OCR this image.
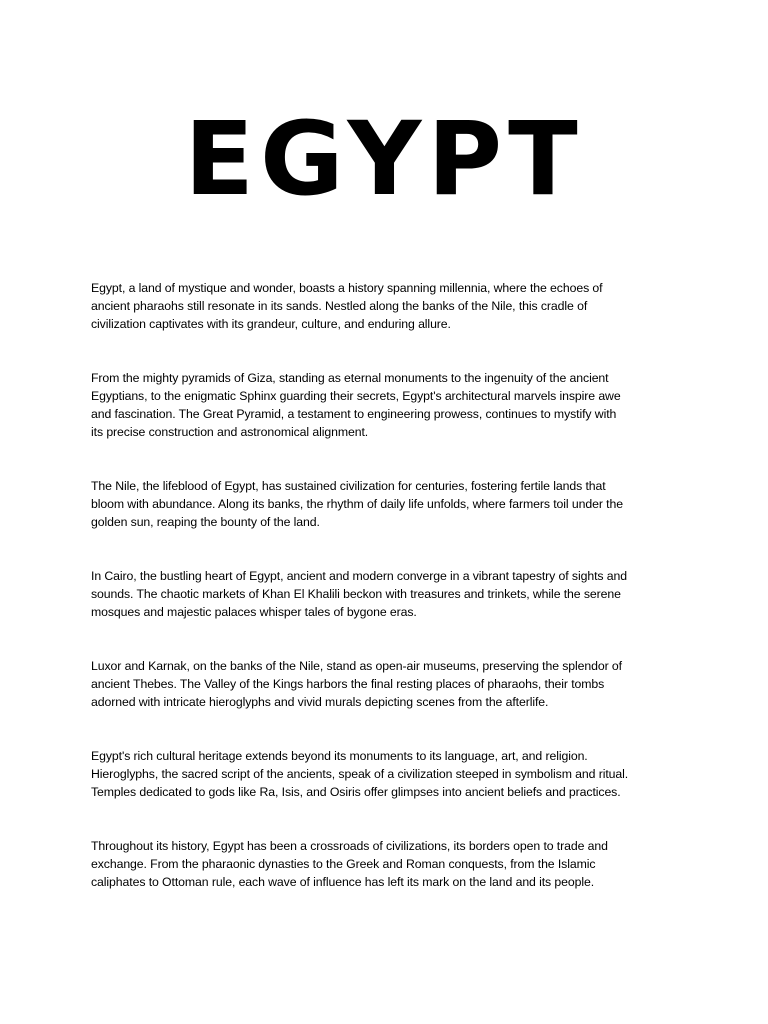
EGYPT

Egypt, a land of mystique and wonder, boasts a history spanning millennia, where the echoes of
ancient pharaohs still resonate in its sands. Nestled along the banks of the Nile, this cradle of
civilization captivates with its grandeur, culture, and enduring allure.

From the mighty pyramids of Giza, standing as eternal monuments to the ingenuity of the ancient
Egyptians, to the enigmatic Sphinx guarding their secrets, Egypt's architectural marvels inspire awe
and fascination. The Great Pyramid, a testament to engineering prowess, continues to mystify with
its precise construction and astronomical alignment.

The Nile, the lifeblood of Egypt, has sustained civilization for centuries, fostering fertile lands that
bloom with abundance. Along its banks, the rhythm of daily life unfolds, where farmers toil under the
golden sun, reaping the bounty of the land.

In Cairo, the bustling heart of Egypt, ancient and modern converge in a vibrant tapestry of sights and
sounds. The chaotic markets of Khan El Khalili beckon with treasures and trinkets, while the serene
mosques and majestic palaces whisper tales of bygone eras.

Luxor and Karnak, on the banks of the Nile, stand as open-air museums, preserving the splendor of
ancient Thebes. The Valley of the Kings harbors the final resting places of pharaohs, their tombs
adorned with intricate hieroglyphs and vivid murals depicting scenes from the afterlife.

Egypt's rich cultural heritage extends beyond its monuments to its language, art, and religion.
Hieroglyphs, the sacred script of the ancients, speak of a civilization steeped in symbolism and ritual.
Temples dedicated to gods like Ra, Isis, and Osiris offer glimpses into ancient beliefs and practices.

Throughout its history, Egypt has been a crossroads of civilizations, its borders open to trade and
exchange. From the pharaonic dynasties to the Greek and Roman conquests, from the Islamic
caliphates to Ottoman rule, each wave of influence has left its mark on the land and its people.
